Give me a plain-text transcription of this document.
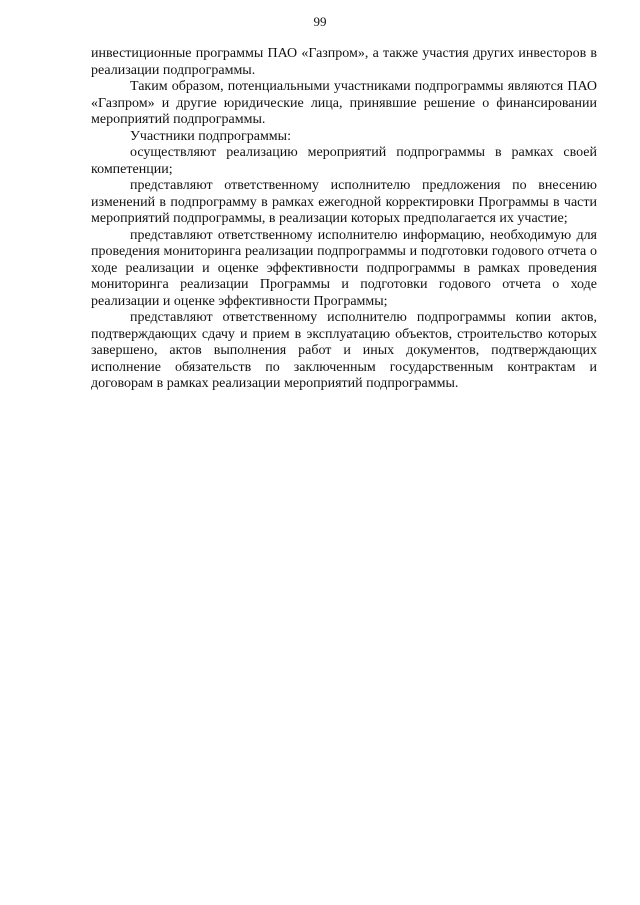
99

инвестиционные программы ПАО «Газпром», а также участия других инвесторов в реализации подпрограммы.

Таким образом, потенциальными участниками подпрограммы являются ПАО «Газпром» и другие юридические лица, принявшие решение о финансировании мероприятий подпрограммы.

Участники подпрограммы:

осуществляют реализацию мероприятий подпрограммы в рамках своей компетенции;

представляют ответственному исполнителю предложения по внесению изменений в подпрограмму в рамках ежегодной корректировки Программы в части мероприятий подпрограммы, в реализации которых предполагается их участие;

представляют ответственному исполнителю информацию, необходимую для проведения мониторинга реализации подпрограммы и подготовки годового отчета о ходе реализации и оценке эффективности подпрограммы в рамках проведения мониторинга реализации Программы и подготовки годового отчета о ходе реализации и оценке эффективности Программы;

представляют ответственному исполнителю подпрограммы копии актов, подтверждающих сдачу и прием в эксплуатацию объектов, строительство которых завершено, актов выполнения работ и иных документов, подтверждающих исполнение обязательств по заключенным государственным контрактам и договорам в рамках реализации мероприятий подпрограммы.
